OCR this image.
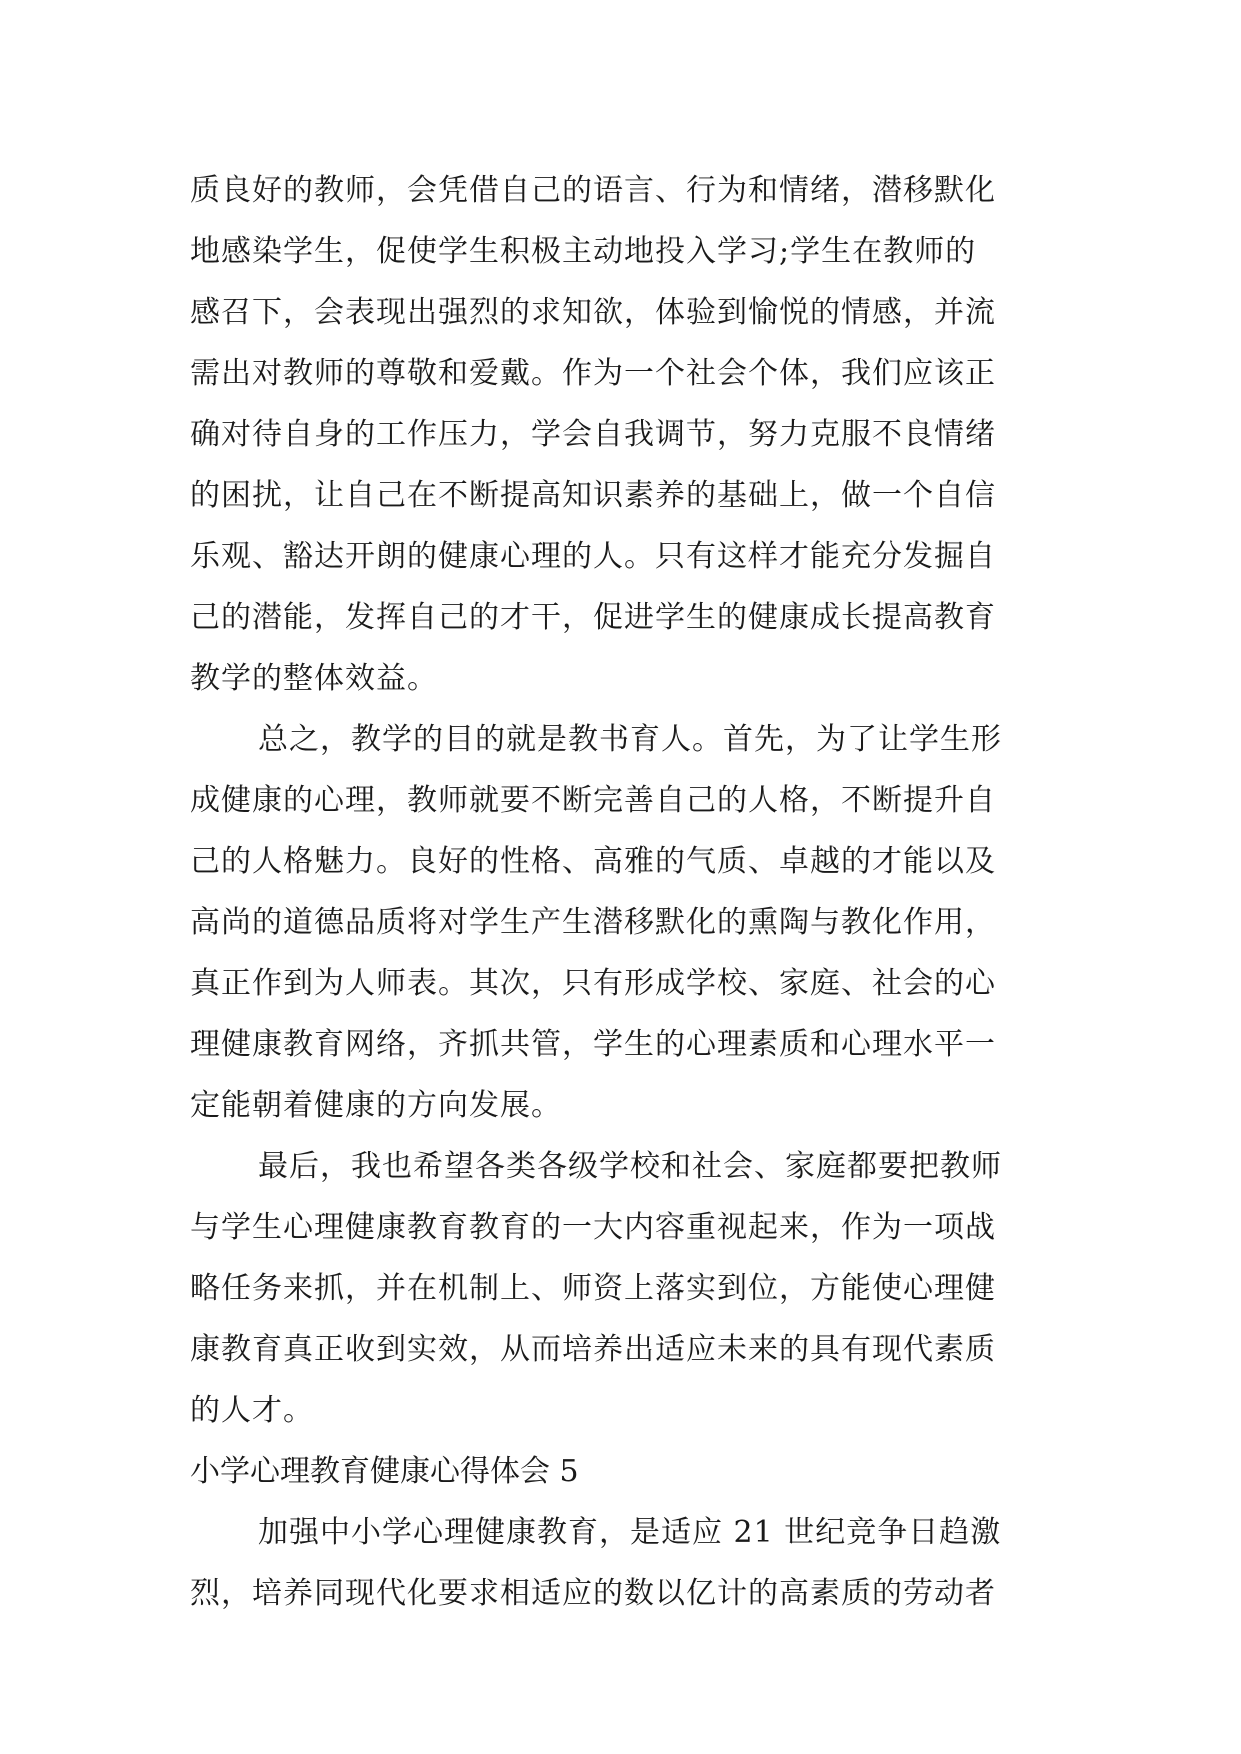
质良好的教师，会凭借自己的语言、行为和情绪，潜移默化
地感染学生，促使学生积极主动地投入学习;学生在教师的
感召下，会表现出强烈的求知欲，体验到愉悦的情感，并流
需出对教师的尊敬和爱戴。作为一个社会个体，我们应该正
确对待自身的工作压力，学会自我调节，努力克服不良情绪
的困扰，让自己在不断提高知识素养的基础上，做一个自信
乐观、豁达开朗的健康心理的人。只有这样才能充分发掘自
己的潜能，发挥自己的才干，促进学生的健康成长提高教育
教学的整体效益。
总之，教学的目的就是教书育人。首先，为了让学生形
成健康的心理，教师就要不断完善自己的人格，不断提升自
己的人格魅力。良好的性格、高雅的气质、卓越的才能以及
高尚的道德品质将对学生产生潜移默化的熏陶与教化作用，
真正作到为人师表。其次，只有形成学校、家庭、社会的心
理健康教育网络，齐抓共管，学生的心理素质和心理水平一
定能朝着健康的方向发展。
最后，我也希望各类各级学校和社会、家庭都要把教师
与学生心理健康教育教育的一大内容重视起来，作为一项战
略任务来抓，并在机制上、师资上落实到位，方能使心理健
康教育真正收到实效，从而培养出适应未来的具有现代素质
的人才。
小学心理教育健康心得体会 5
加强中小学心理健康教育，是适应 21 世纪竞争日趋激
烈，培养同现代化要求相适应的数以亿计的高素质的劳动者
